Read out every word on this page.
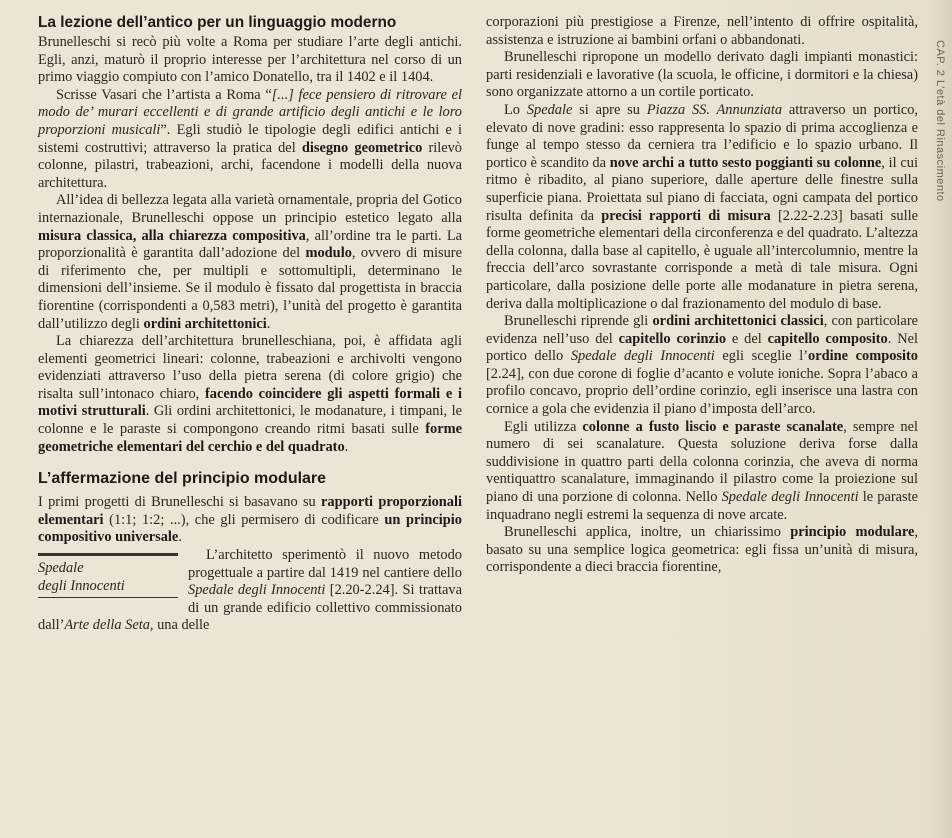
La lezione dell’antico per un linguaggio moderno

Brunelleschi si recò più volte a Roma per studiare l’arte degli antichi. Egli, anzi, maturò il proprio interesse per l’architettura nel corso di un primo viaggio compiuto con l’amico Donatello, tra il 1402 e il 1404.

Scrisse Vasari che l’artista a Roma “[...] fece pensiero di ritrovare el modo de’ murari eccellenti e di grande artificio degli antichi e le loro proporzioni musicali”. Egli studiò le tipologie degli edifici antichi e i sistemi costruttivi; attraverso la pratica del disegno geometrico rilevò colonne, pilastri, trabeazioni, archi, facendone i modelli della nuova architettura.

All’idea di bellezza legata alla varietà ornamentale, propria del Gotico internazionale, Brunelleschi oppose un principio estetico legato alla misura classica, alla chiarezza compositiva, all’ordine tra le parti. La proporzionalità è garantita dall’adozione del modulo, ovvero di misure di riferimento che, per multipli e sottomultipli, determinano le dimensioni dell’insieme. Se il modulo è fissato dal progettista in braccia fiorentine (corrispondenti a 0,583 metri), l’unità del progetto è garantita dall’utilizzo degli ordini architettonici.

La chiarezza dell’architettura brunelleschiana, poi, è affidata agli elementi geometrici lineari: colonne, trabeazioni e archivolti vengono evidenziati attraverso l’uso della pietra serena (di colore grigio) che risalta sull’intonaco chiaro, facendo coincidere gli aspetti formali e i motivi strutturali. Gli ordini architettonici, le modanature, i timpani, le colonne e le paraste si compongono creando ritmi basati sulle forme geometriche elementari del cerchio e del quadrato.

L’affermazione del principio modulare

I primi progetti di Brunelleschi si basavano su rapporti proporzionali elementari (1:1; 1:2; ...), che gli permisero di codificare un principio compositivo universale.

Spedale
degli Innocenti

L’architetto sperimentò il nuovo metodo progettuale a partire dal 1419 nel cantiere dello Spedale degli Innocenti [2.20-2.24]. Si trattava di un grande edificio collettivo commissionato dall’Arte della Seta, una delle

corporazioni più prestigiose a Firenze, nell’intento di offrire ospitalità, assistenza e istruzione ai bambini orfani o abbandonati.

Brunelleschi ripropone un modello derivato dagli impianti monastici: parti residenziali e lavorative (la scuola, le officine, i dormitori e la chiesa) sono organizzate attorno a un cortile porticato.

Lo Spedale si apre su Piazza SS. Annunziata attraverso un portico, elevato di nove gradini: esso rappresenta lo spazio di prima accoglienza e funge al tempo stesso da cerniera tra l’edificio e lo spazio urbano. Il portico è scandito da nove archi a tutto sesto poggianti su colonne, il cui ritmo è ribadito, al piano superiore, dalle aperture delle finestre sulla superficie piana. Proiettata sul piano di facciata, ogni campata del portico risulta definita da precisi rapporti di misura [2.22-2.23] basati sulle forme geometriche elementari della circonferenza e del quadrato. L’altezza della colonna, dalla base al capitello, è uguale all’intercolumnio, mentre la freccia dell’arco sovrastante corrisponde a metà di tale misura. Ogni particolare, dalla posizione delle porte alle modanature in pietra serena, deriva dalla moltiplicazione o dal frazionamento del modulo di base.

Brunelleschi riprende gli ordini architettonici classici, con particolare evidenza nell’uso del capitello corinzio e del capitello composito. Nel portico dello Spedale degli Innocenti egli sceglie l’ordine composito [2.24], con due corone di foglie d’acanto e volute ioniche. Sopra l’abaco a profilo concavo, proprio dell’ordine corinzio, egli inserisce una lastra con cornice a gola che evidenzia il piano d’imposta dell’arco.

Egli utilizza colonne a fusto liscio e paraste scanalate, sempre nel numero di sei scanalature. Questa soluzione deriva forse dalla suddivisione in quattro parti della colonna corinzia, che aveva di norma ventiquattro scanalature, immaginando il pilastro come la proiezione sul piano di una porzione di colonna. Nello Spedale degli Innocenti le paraste inquadrano negli estremi la sequenza di nove arcate.

Brunelleschi applica, inoltre, un chiarissimo principio modulare, basato su una semplice logica geometrica: egli fissa un’unità di misura, corrispondente a dieci braccia fiorentine,

CAP. 2 L’età del Rinascimento
